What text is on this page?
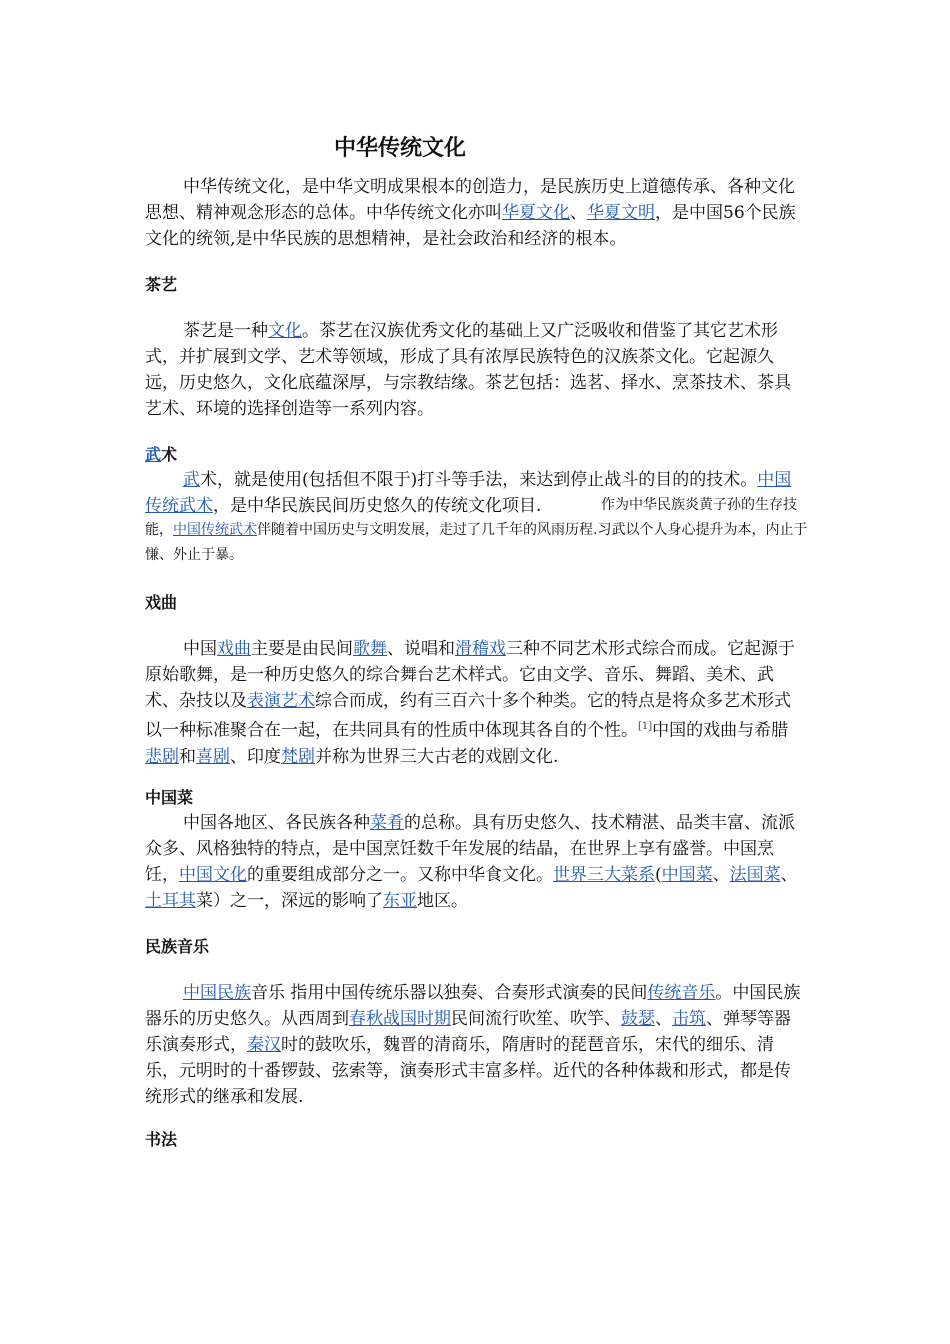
中华传统文化

中华传统文化，是中华文明成果根本的创造力，是民族历史上道德传承、各种文化思想、精神观念形态的总体。中华传统文化亦叫华夏文化、华夏文明，是中国56个民族文化的统领,是中华民族的思想精神，是社会政治和经济的根本。

茶艺

茶艺是一种文化。茶艺在汉族优秀文化的基础上又广泛吸收和借鉴了其它艺术形式，并扩展到文学、艺术等领域，形成了具有浓厚民族特色的汉族茶文化。它起源久远，历史悠久，文化底蕴深厚，与宗教结缘。茶艺包括：选茗、择水、烹茶技术、茶具艺术、环境的选择创造等一系列内容。

武术

武术，就是使用(包括但不限于)打斗等手法，来达到停止战斗的目的的技术。中国传统武术，是中华民族民间历史悠久的传统文化项目.	作为中华民族炎黄子孙的生存技能，中国传统武术伴随着中国历史与文明发展，走过了几千年的风雨历程.习武以个人身心提升为本，内止于慊、外止于暴。
戏曲

中国戏曲主要是由民间歌舞、说唱和滑稽戏三种不同艺术形式综合而成。它起源于原始歌舞，是一种历史悠久的综合舞台艺术样式。它由文学、音乐、舞蹈、美术、武术、杂技以及表演艺术综合而成，约有三百六十多个种类。它的特点是将众多艺术形式以一种标准聚合在一起，在共同具有的性质中体现其各自的个性。[1]中国的戏曲与希腊悲剧和喜剧、印度梵剧并称为世界三大古老的戏剧文化.

中国菜

中国各地区、各民族各种菜肴的总称。具有历史悠久、技术精湛、品类丰富、流派众多、风格独特的特点，是中国烹饪数千年发展的结晶，在世界上享有盛誉。中国烹饪，中国文化的重要组成部分之一。又称中华食文化。世界三大菜系(中国菜、法国菜、土耳其菜）之一，深远的影响了东亚地区。

民族音乐

中国民族音乐 指用中国传统乐器以独奏、合奏形式演奏的民间传统音乐。中国民族器乐的历史悠久。从西周到春秋战国时期民间流行吹笙、吹竽、鼓瑟、击筑、弹琴等器乐演奏形式，秦汉时的鼓吹乐，魏晋的清商乐，隋唐时的琵琶音乐，宋代的细乐、清乐，元明时的十番锣鼓、弦索等，演奏形式丰富多样。近代的各种体裁和形式，都是传统形式的继承和发展.

书法
